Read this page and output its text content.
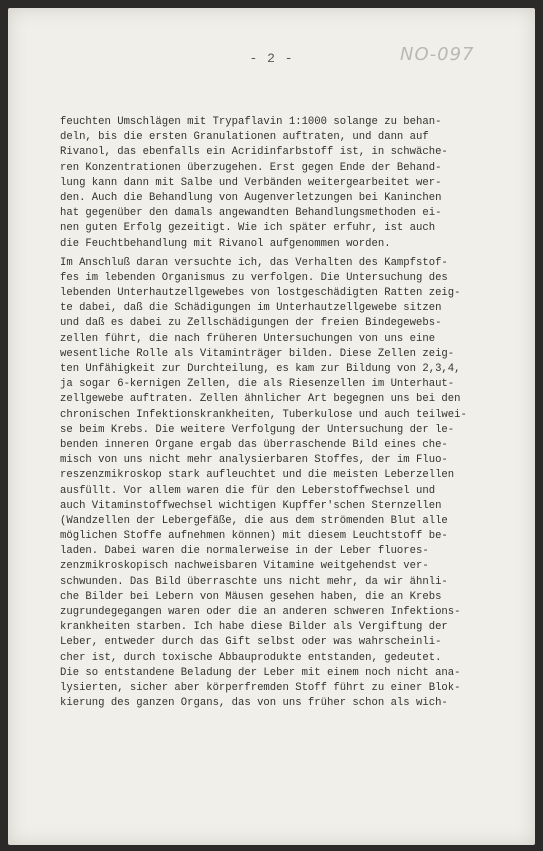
- 2 -	NO-097
feuchten Umschlägen mit Trypaflavin 1:1000 solange zu behan-
deln, bis die ersten Granulationen auftraten, und dann auf
Rivanol, das ebenfalls ein Acridinfarbstoff ist, in schwäche-
ren Konzentrationen überzugehen. Erst gegen Ende der Behand-
lung kann dann mit Salbe und Verbänden weitergearbeitet wer-
den. Auch die Behandlung von Augenverletzungen bei Kaninchen
hat gegenüber den damals angewandten Behandlungsmethoden ei-
nen guten Erfolg gezeitigt. Wie ich später erfuhr, ist auch
die Feuchtbehandlung mit Rivanol aufgenommen worden.
Im Anschluß daran versuchte ich, das Verhalten des Kampfstof-
fes im lebenden Organismus zu verfolgen. Die Untersuchung des
lebenden Unterhautzellgewebes von lostgeschädigten Ratten zeig-
te dabei, daß die Schädigungen im Unterhautzellgewebe sitzen
und daß es dabei zu Zellschädigungen der freien Bindegewebs-
zellen führt, die nach früheren Untersuchungen von uns eine
wesentliche Rolle als Vitaminträger bilden. Diese Zellen zeig-
ten Unfähigkeit zur Durchteilung, es kam zur Bildung von 2,3,4,
ja sogar 6-kernigen Zellen, die als Riesenzellen im Unterhaut-
zellgewebe auftraten. Zellen ähnlicher Art begegnen uns bei den
chronischen Infektionskrankheiten, Tuberkulose und auch teilwei-
se beim Krebs. Die weitere Verfolgung der Untersuchung der le-
benden inneren Organe ergab das überraschende Bild eines che-
misch von uns nicht mehr analysierbaren Stoffes, der im Fluo-
reszenzmikroskop stark aufleuchtet und die meisten Leberzellen
ausfüllt. Vor allem waren die für den Leberstoffwechsel und
auch Vitaminstoffwechsel wichtigen Kupffer'schen Sternzellen
(Wandzellen der Lebergefäße, die aus dem strömenden Blut alle
möglichen Stoffe aufnehmen können) mit diesem Leuchtstoff be-
laden. Dabei waren die normalerweise in der Leber fluores-
zenzmikroskopisch nachweisbaren Vitamine weitgehendst ver-
schwunden. Das Bild überraschte uns nicht mehr, da wir ähnli-
che Bilder bei Lebern von Mäusen gesehen haben, die an Krebs
zugrundegegangen waren oder die an anderen schweren Infektions-
krankheiten starben. Ich habe diese Bilder als Vergiftung der
Leber, entweder durch das Gift selbst oder was wahrscheinli-
cher ist, durch toxische Abbauprodukte entstanden, gedeutet.
Die so entstandene Beladung der Leber mit einem noch nicht ana-
lysierten, sicher aber körperfremden Stoff führt zu einer Blok-
kierung des ganzen Organs, das von uns früher schon als wich-
